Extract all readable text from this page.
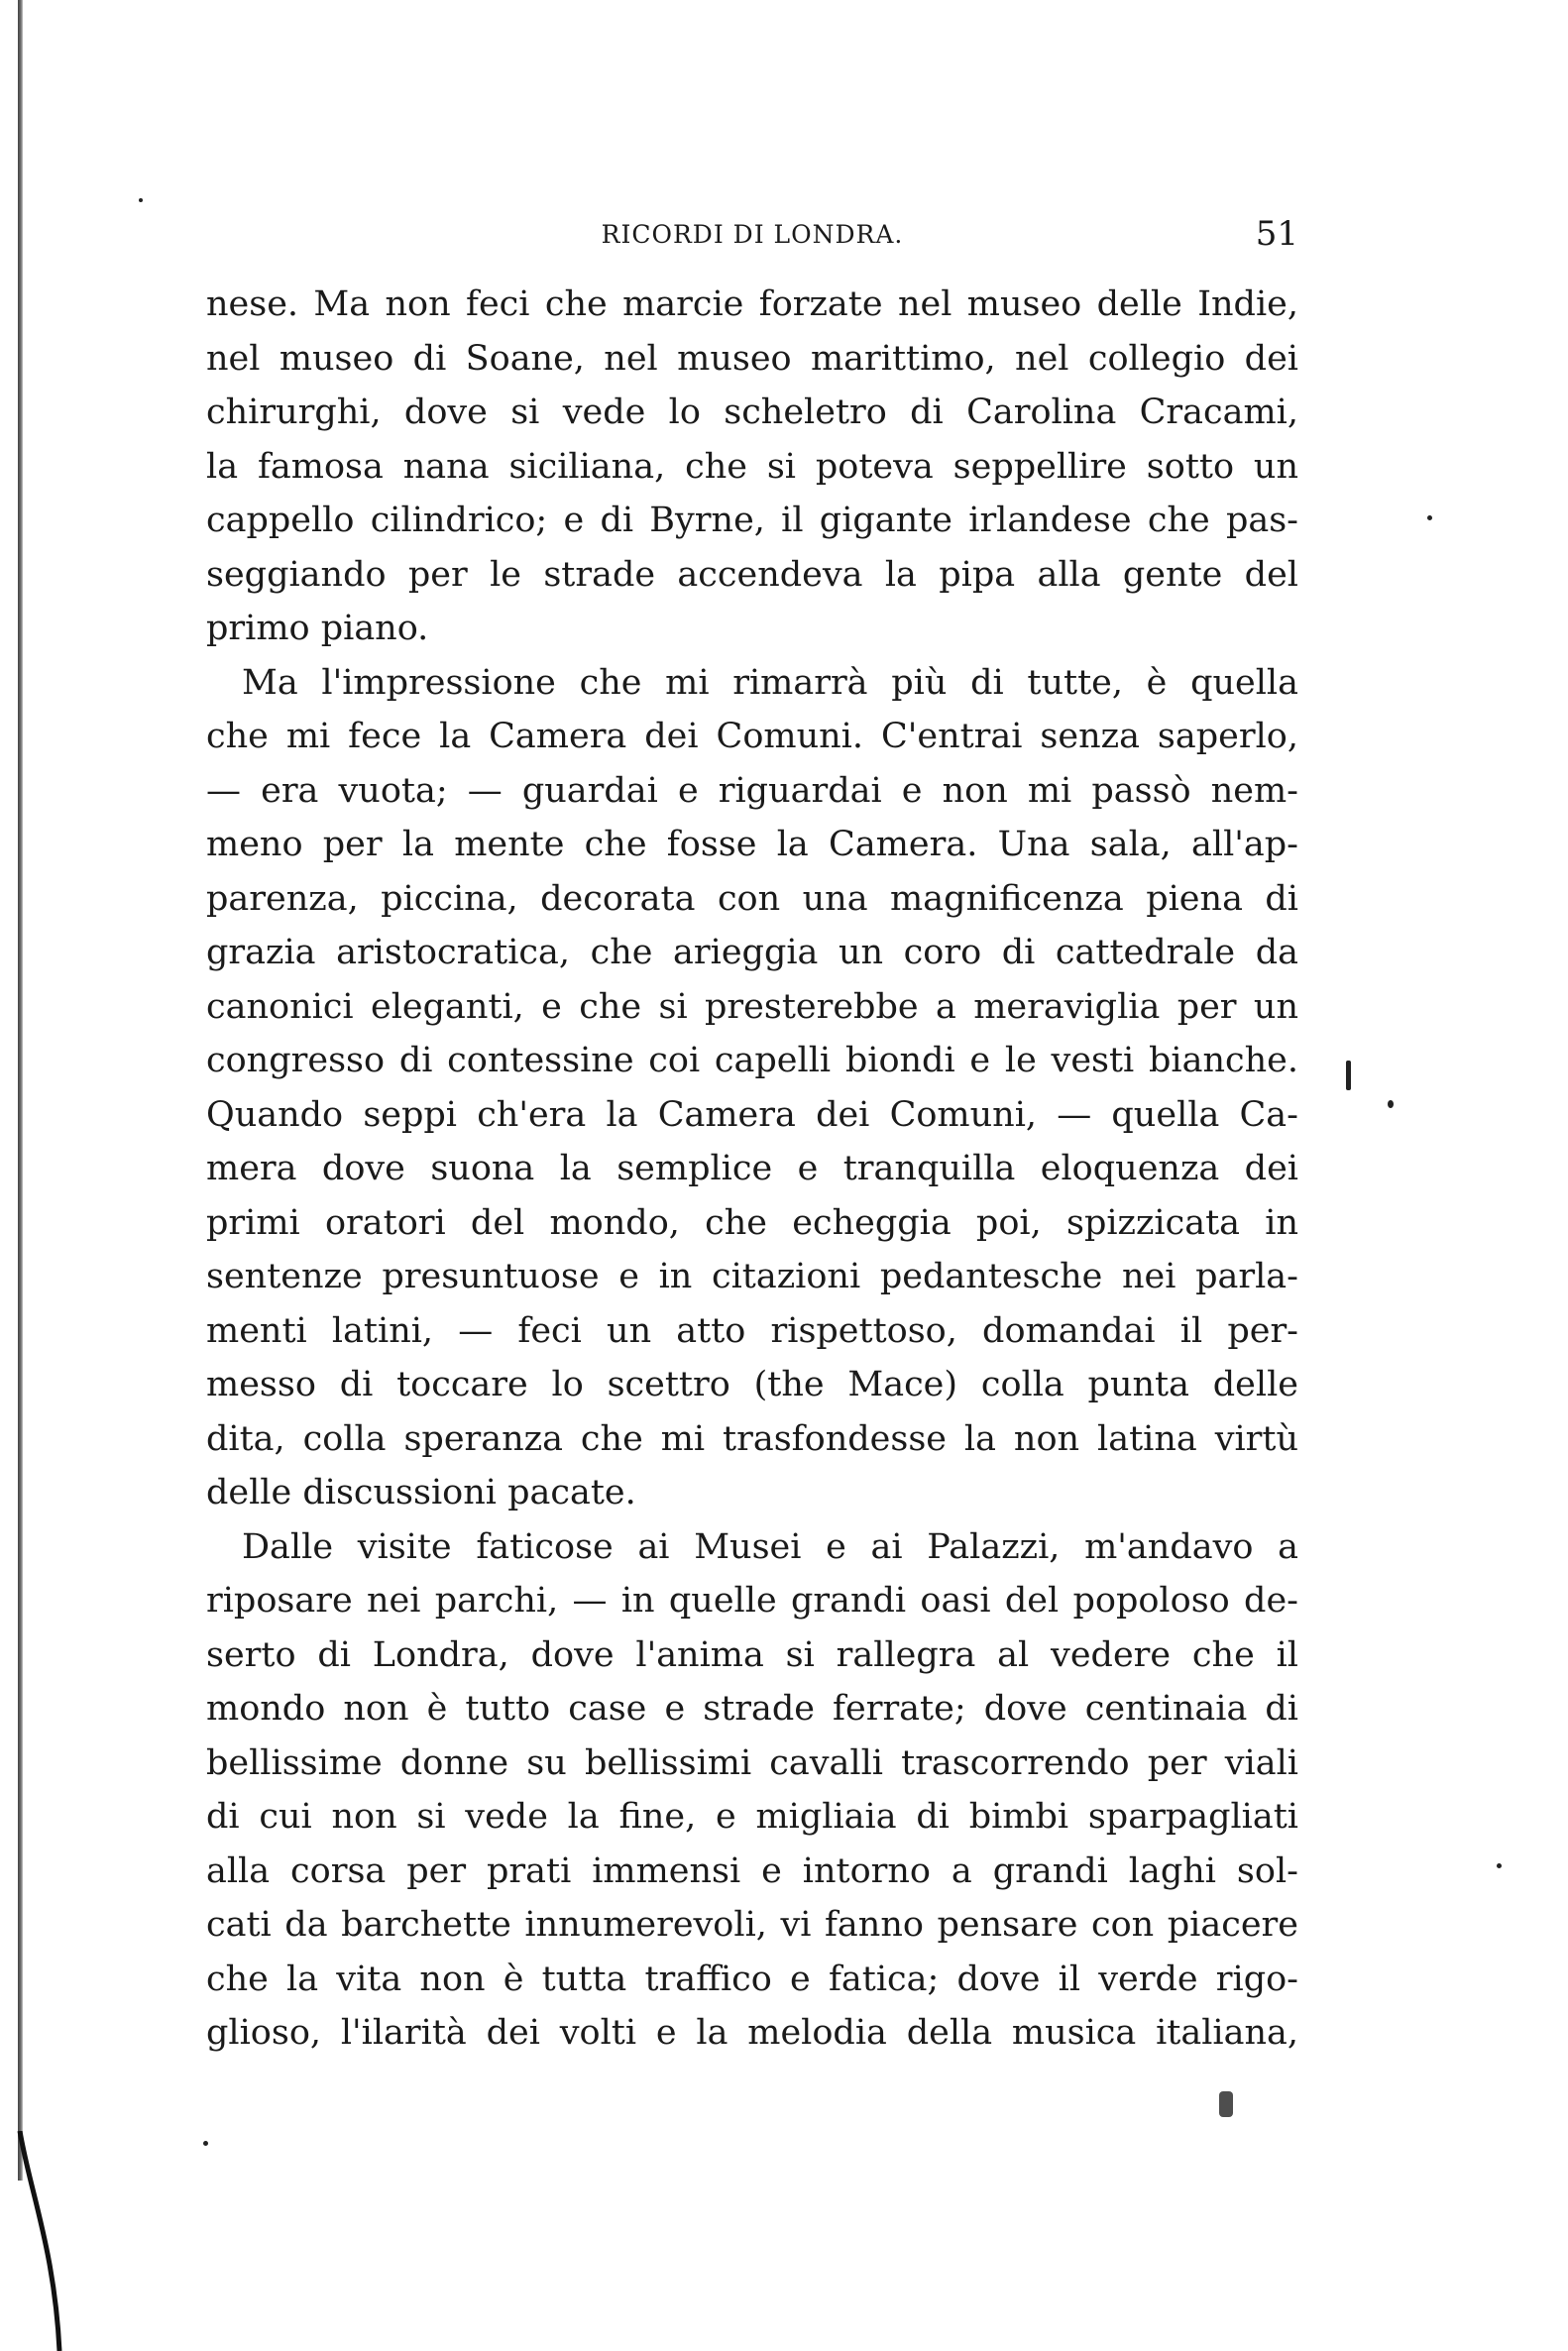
RICORDI DI LONDRA.	51
nese. Ma non feci che marcie forzate nel museo delle Indie,
nel museo di Soane, nel museo marittimo, nel collegio dei
chirurghi, dove si vede lo scheletro di Carolina Cracami,
la famosa nana siciliana, che si poteva seppellire sotto un
cappello cilindrico; e di Byrne, il gigante irlandese che pas-
seggiando per le strade accendeva la pipa alla gente del
primo piano.
Ma l'impressione che mi rimarrà più di tutte, è quella
che mi fece la Camera dei Comuni. C'entrai senza saperlo,
— era vuota; — guardai e riguardai e non mi passò nem-
meno per la mente che fosse la Camera. Una sala, all'ap-
parenza, piccina, decorata con una magnificenza piena di
grazia aristocratica, che arieggia un coro di cattedrale da
canonici eleganti, e che si presterebbe a meraviglia per un
congresso di contessine coi capelli biondi e le vesti bianche.
Quando seppi ch'era la Camera dei Comuni, — quella Ca-
mera dove suona la semplice e tranquilla eloquenza dei
primi oratori del mondo, che echeggia poi, spizzicata in
sentenze presuntuose e in citazioni pedantesche nei parla-
menti latini, — feci un atto rispettoso, domandai il per-
messo di toccare lo scettro (the Mace) colla punta delle
dita, colla speranza che mi trasfondesse la non latina virtù
delle discussioni pacate.
Dalle visite faticose ai Musei e ai Palazzi, m'andavo a
riposare nei parchi, — in quelle grandi oasi del popoloso de-
serto di Londra, dove l'anima si rallegra al vedere che il
mondo non è tutto case e strade ferrate; dove centinaia di
bellissime donne su bellissimi cavalli trascorrendo per viali
di cui non si vede la fine, e migliaia di bimbi sparpagliati
alla corsa per prati immensi e intorno a grandi laghi sol-
cati da barchette innumerevoli, vi fanno pensare con piacere
che la vita non è tutta traffico e fatica; dove il verde rigo-
glioso, l'ilarità dei volti e la melodia della musica italiana,
